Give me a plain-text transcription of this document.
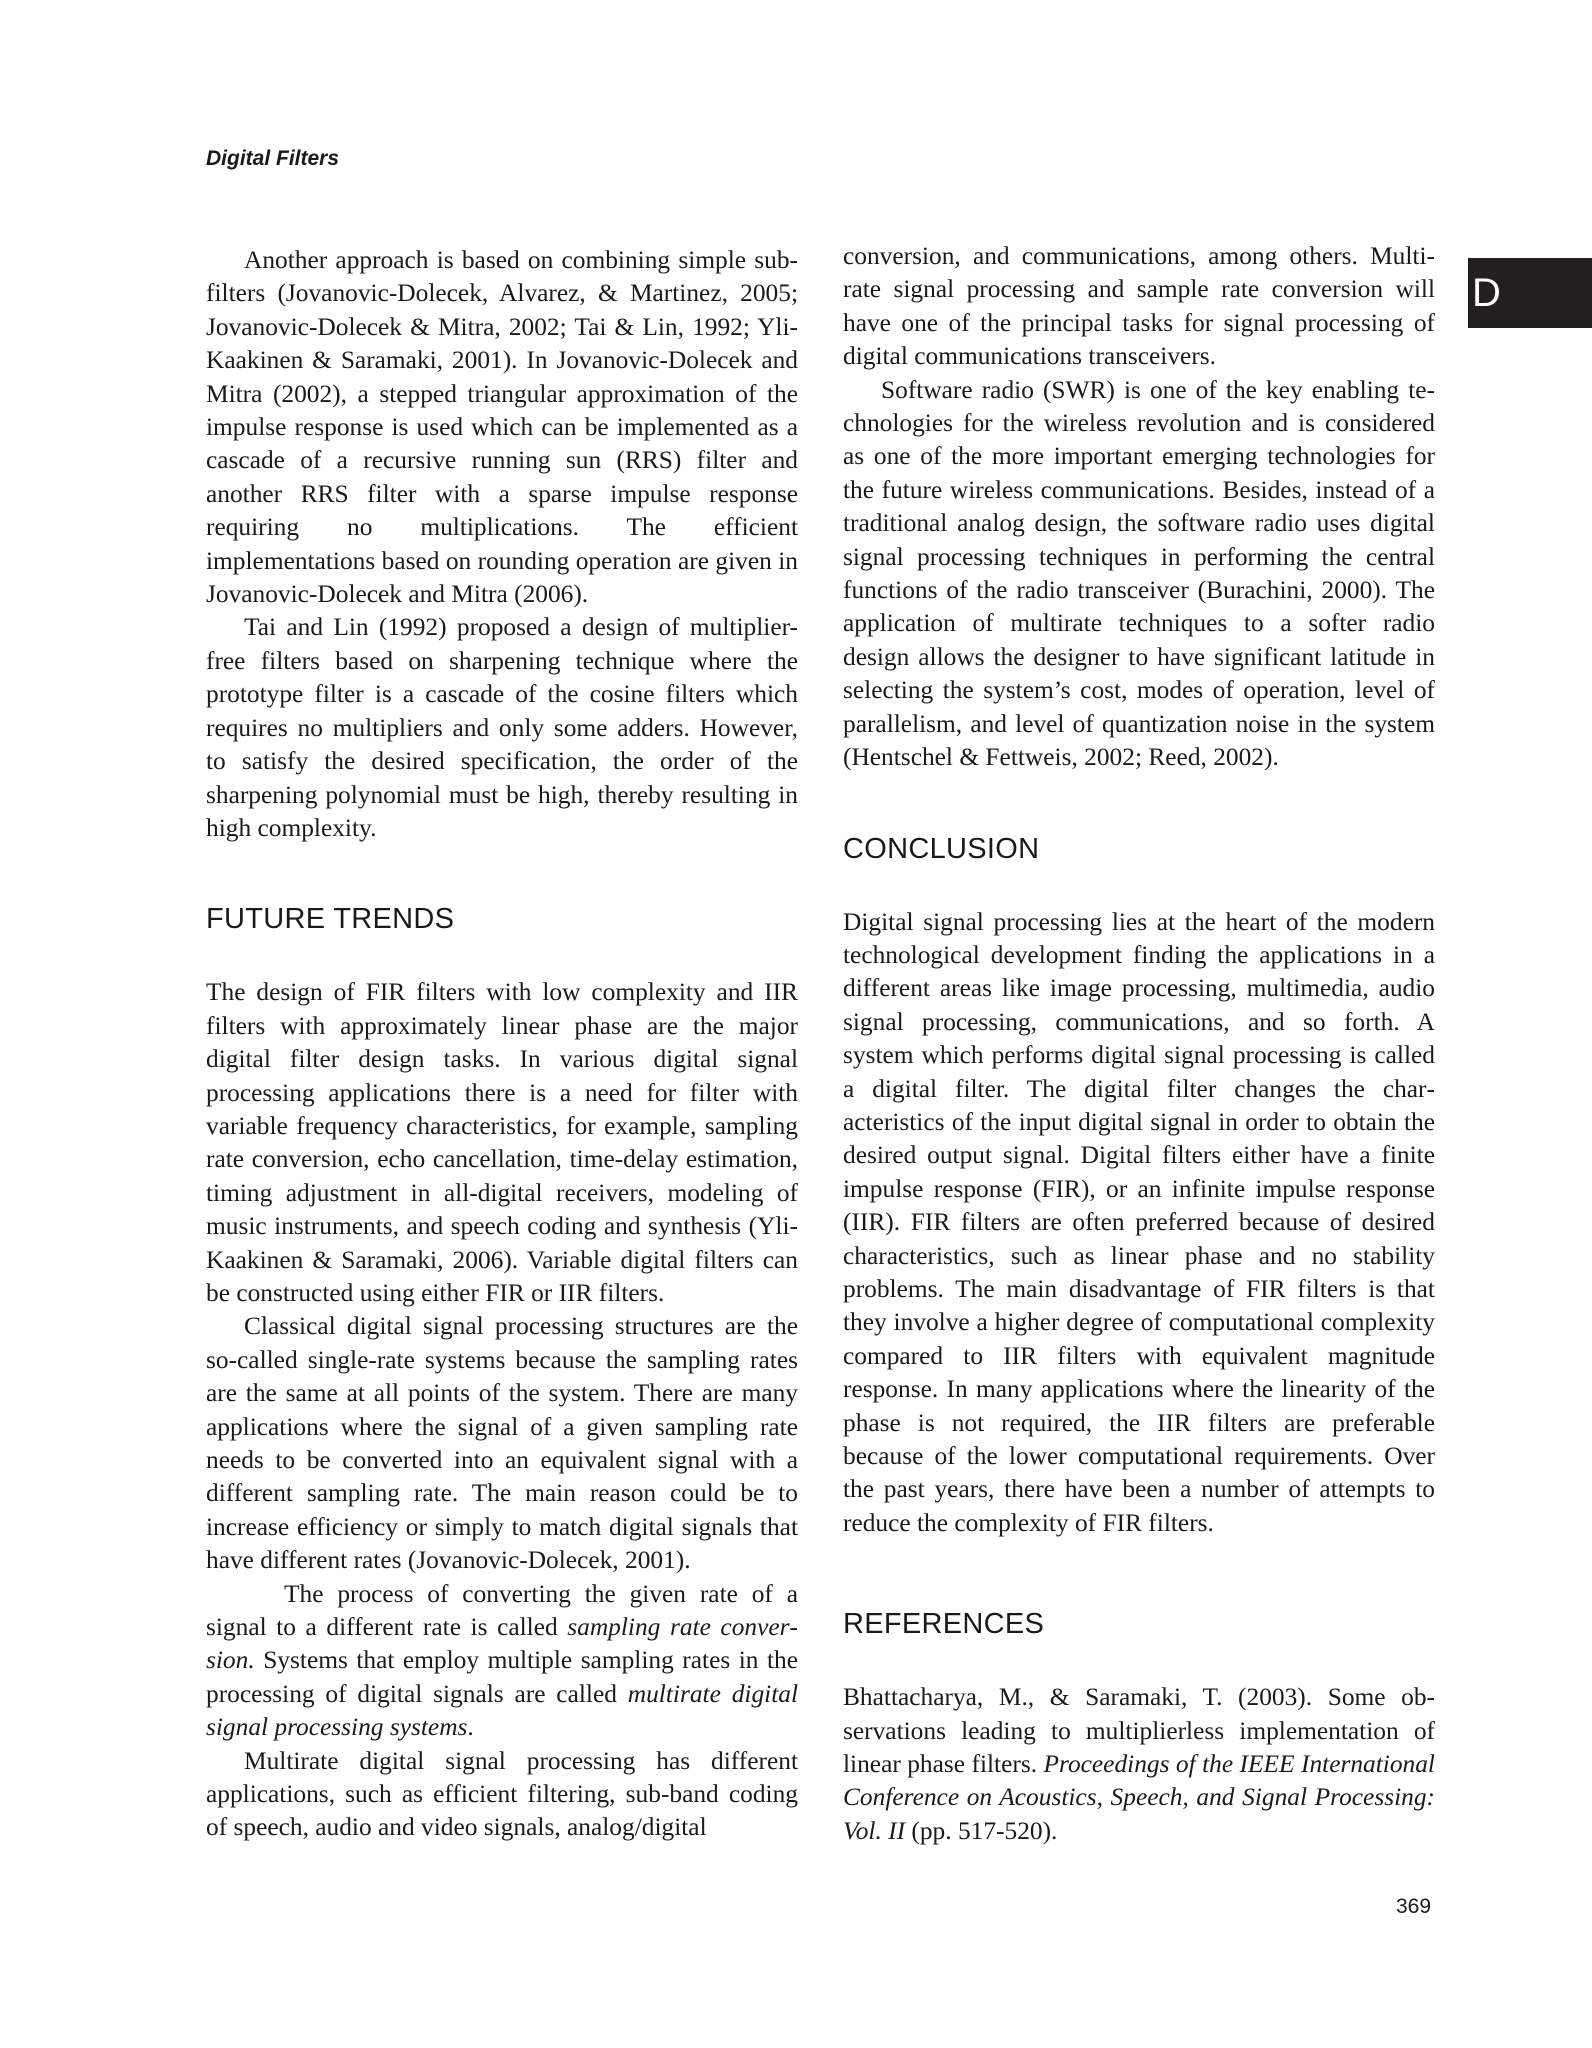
Digital Filters
D

Another approach is based on combining simple sub-filters (Jovanovic-Dolecek, Alvarez, & Martinez, 2005; Jovanovic-Dolecek & Mitra, 2002; Tai & Lin, 1992; Yli-Kaakinen & Saramaki, 2001). In Jovanovic-Dolecek and Mitra (2002), a stepped triangular approximation of the impulse response is used which can be implemented as a cascade of a recursive running sun (RRS) filter and another RRS filter with a sparse impulse response requiring no multiplications. The efficient implementations based on rounding operation are given in Jovanovic-Dolecek and Mitra (2006).

Tai and Lin (1992) proposed a design of multiplier-free filters based on sharpening technique where the prototype filter is a cascade of the cosine filters which requires no multipliers and only some adders. However, to satisfy the desired specification, the order of the sharpening polynomial must be high, thereby resulting in high complexity.

FUTURE TRENDS

The design of FIR filters with low complexity and IIR filters with approximately linear phase are the major digital filter design tasks. In various digital signal processing applications there is a need for filter with variable frequency characteristics, for example, sampling rate conversion, echo cancellation, time-delay estimation, timing adjustment in all-digital receivers, modeling of music instruments, and speech coding and synthesis (Yli-Kaakinen & Saramaki, 2006). Variable digital filters can be constructed using either FIR or IIR filters.

Classical digital signal processing structures are the so-called single-rate systems because the sampling rates are the same at all points of the system. There are many applications where the signal of a given sampling rate needs to be converted into an equivalent signal with a different sampling rate. The main reason could be to increase efficiency or simply to match digital signals that have different rates (Jovanovic-Dolecek, 2001).

The process of converting the given rate of a signal to a different rate is called sampling rate conversion. Systems that employ multiple sampling rates in the processing of digital signals are called multirate digital signal processing systems.

Multirate digital signal processing has different applications, such as efficient filtering, sub-band coding of speech, audio and video signals, analog/digital

conversion, and communications, among others. Multirate signal processing and sample rate conversion will have one of the principal tasks for signal processing of digital communications transceivers.

Software radio (SWR) is one of the key enabling technologies for the wireless revolution and is considered as one of the more important emerging technologies for the future wireless communications. Besides, instead of a traditional analog design, the software radio uses digital signal processing techniques in performing the central functions of the radio transceiver (Burachini, 2000). The application of multirate techniques to a softer radio design allows the designer to have significant latitude in selecting the system’s cost, modes of operation, level of parallelism, and level of quantization noise in the system (Hentschel & Fettweis, 2002; Reed, 2002).

CONCLUSION

Digital signal processing lies at the heart of the modern technological development finding the applications in a different areas like image processing, multimedia, audio signal processing, communications, and so forth. A system which performs digital signal processing is called a digital filter. The digital filter changes the characteristics of the input digital signal in order to obtain the desired output signal. Digital filters either have a finite impulse response (FIR), or an infinite impulse response (IIR). FIR filters are often preferred because of desired characteristics, such as linear phase and no stability problems. The main disadvantage of FIR filters is that they involve a higher degree of computational complexity compared to IIR filters with equivalent magnitude response. In many applications where the linearity of the phase is not required, the IIR filters are preferable because of the lower computational requirements. Over the past years, there have been a number of attempts to reduce the complexity of FIR filters.

REFERENCES

Bhattacharya, M., & Saramaki, T. (2003). Some observations leading to multiplierless implementation of linear phase filters. Proceedings of the IEEE International Conference on Acoustics, Speech, and Signal Processing: Vol. II (pp. 517-520).

369
